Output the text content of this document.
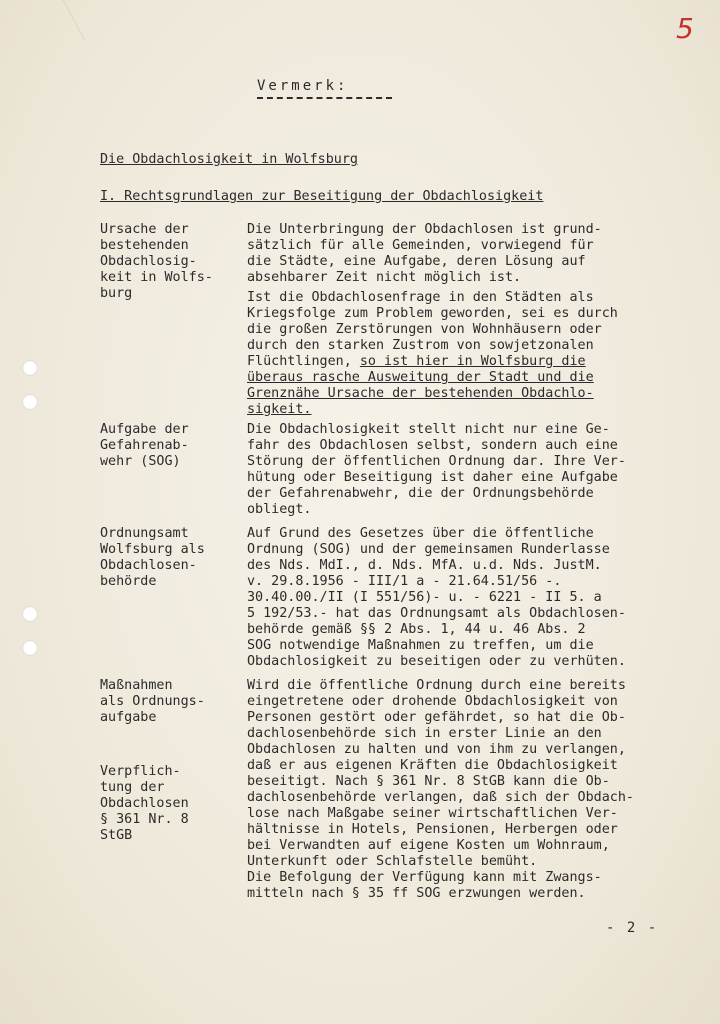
5
Vermerk:
Die Obdachlosigkeit in Wolfsburg
I. Rechtsgrundlagen zur Beseitigung der Obdachlosigkeit
Ursache der
bestehenden
Obdachlosig-
keit in Wolfs-
burg
Aufgabe der
Gefahrenab-
wehr (SOG)
Ordnungsamt
Wolfsburg als
Obdachlosen-
behörde
Maßnahmen
als Ordnungs-
aufgabe
Verpflich-
tung der
Obdachlosen
§ 361 Nr. 8
StGB
Die Unterbringung der Obdachlosen ist grund-
sätzlich für alle Gemeinden, vorwiegend für
die Städte, eine Aufgabe, deren Lösung auf
absehbarer Zeit nicht möglich ist.
Ist die Obdachlosenfrage in den Städten als
Kriegsfolge zum Problem geworden, sei es durch
die großen Zerstörungen von Wohnhäusern oder
durch den starken Zustrom von sowjetzonalen
Flüchtlingen, so ist hier in Wolfsburg die
überaus rasche Ausweitung der Stadt und die
Grenznähe Ursache der bestehenden Obdachlo-
sigkeit.
Die Obdachlosigkeit stellt nicht nur eine Ge-
fahr des Obdachlosen selbst, sondern auch eine
Störung der öffentlichen Ordnung dar. Ihre Ver-
hütung oder Beseitigung ist daher eine Aufgabe
der Gefahrenabwehr, die der Ordnungsbehörde
obliegt.
Auf Grund des Gesetzes über die öffentliche
Ordnung (SOG) und der gemeinsamen Runderlasse
des Nds. MdI., d. Nds. MfA. u.d. Nds. JustM.
v. 29.8.1956 - III/1 a - 21.64.51/56 -.
30.40.00./II (I 551/56)- u. - 6221 - II 5. a
5 192/53.- hat das Ordnungsamt als Obdachlosen-
behörde gemäß §§ 2 Abs. 1, 44 u. 46 Abs. 2
SOG notwendige Maßnahmen zu treffen, um die
Obdachlosigkeit zu beseitigen oder zu verhüten.
Wird die öffentliche Ordnung durch eine bereits
eingetretene oder drohende Obdachlosigkeit von
Personen gestört oder gefährdet, so hat die Ob-
dachlosenbehörde sich in erster Linie an den
Obdachlosen zu halten und von ihm zu verlangen,
daß er aus eigenen Kräften die Obdachlosigkeit
beseitigt. Nach § 361 Nr. 8 StGB kann die Ob-
dachlosenbehörde verlangen, daß sich der Obdach-
lose nach Maßgabe seiner wirtschaftlichen Ver-
hältnisse in Hotels, Pensionen, Herbergen oder
bei Verwandten auf eigene Kosten um Wohnraum,
Unterkunft oder Schlafstelle bemüht.
Die Befolgung der Verfügung kann mit Zwangs-
mitteln nach § 35 ff SOG erzwungen werden.
- 2 -
